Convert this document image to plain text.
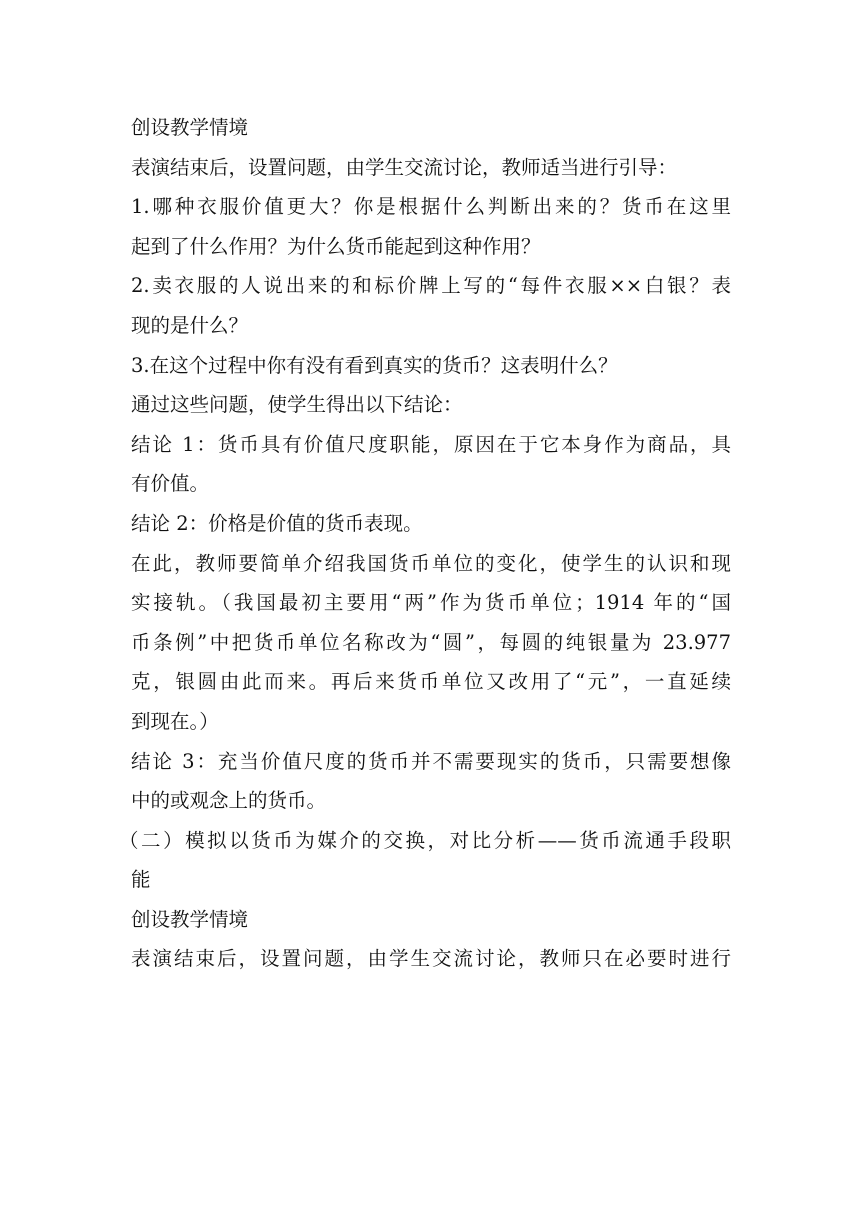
创设教学情境
表演结束后，设置问题，由学生交流讨论，教师适当进行引导：
1.哪种衣服价值更大？你是根据什么判断出来的？货币在这里
起到了什么作用？为什么货币能起到这种作用？
2.卖衣服的人说出来的和标价牌上写的“每件衣服××白银？表
现的是什么？
3.在这个过程中你有没有看到真实的货币？这表明什么？
通过这些问题，使学生得出以下结论：
结论 1：货币具有价值尺度职能，原因在于它本身作为商品，具
有价值。
结论 2：价格是价值的货币表现。
在此，教师要简单介绍我国货币单位的变化，使学生的认识和现
实接轨。（我国最初主要用“两”作为货币单位；1914 年的“国
币条例”中把货币单位名称改为“圆”，每圆的纯银量为 23.977
克，银圆由此而来。再后来货币单位又改用了“元”，一直延续
到现在。）
结论 3：充当价值尺度的货币并不需要现实的货币，只需要想像
中的或观念上的货币。
（二）模拟以货币为媒介的交换，对比分析——货币流通手段职
能
创设教学情境
表演结束后，设置问题，由学生交流讨论，教师只在必要时进行
